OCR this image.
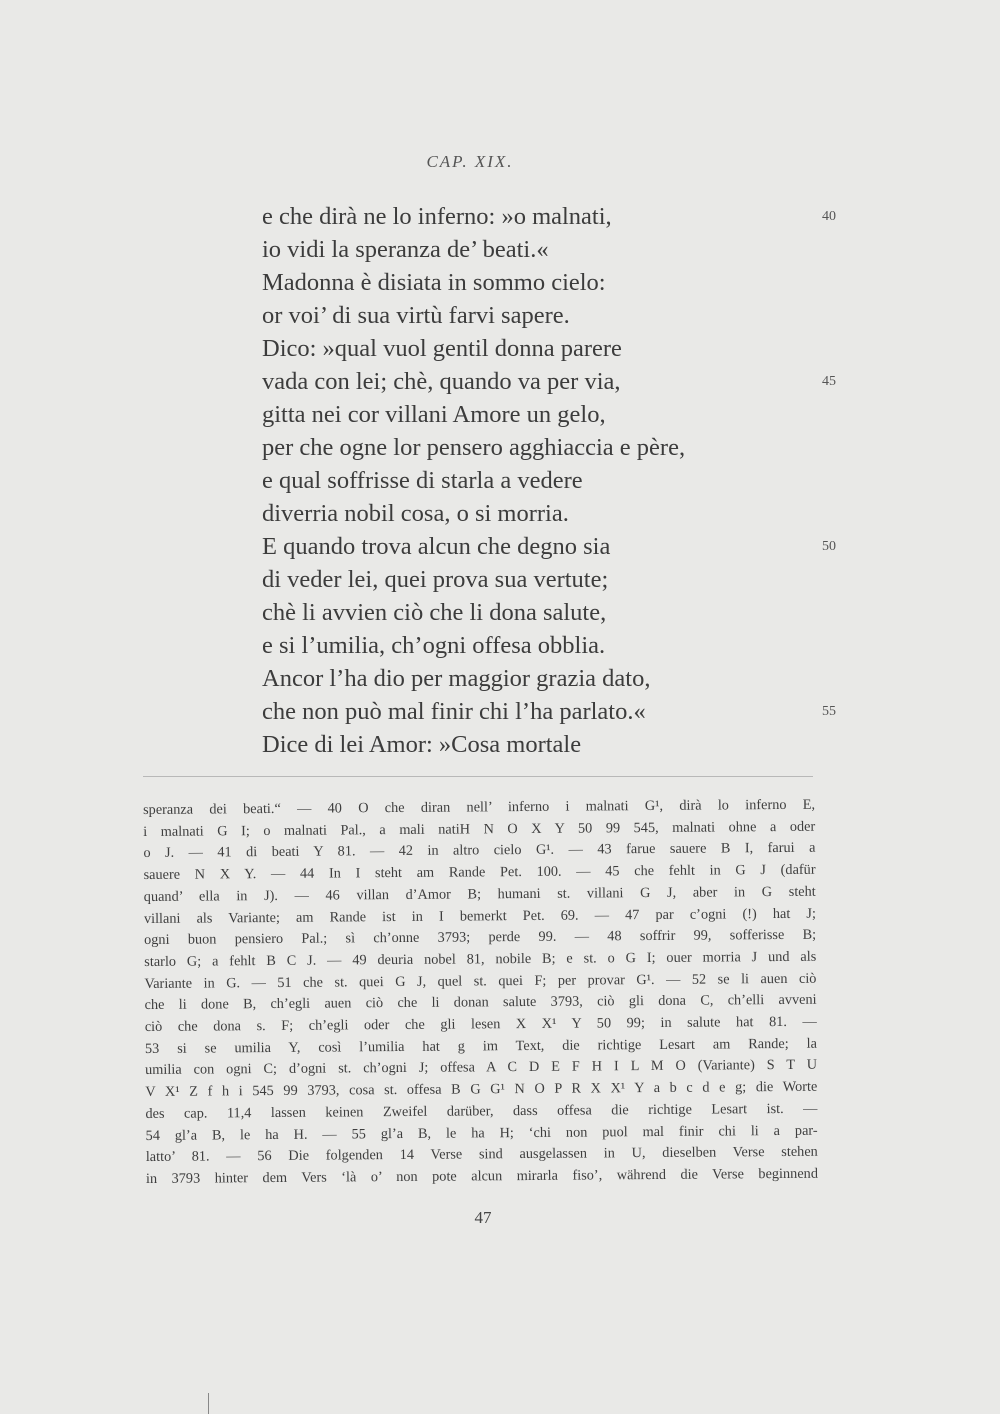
CAP. XIX.
e che dirà ne lo inferno: »o malnati,	40
io vidi la speranza de’ beati.«
Madonna è disiata in sommo cielo:
or voi’ di sua virtù farvi sapere.
Dico: »qual vuol gentil donna parere
vada con lei; chè, quando va per via,	45
gitta nei cor villani Amore un gelo,
per che ogne lor pensero agghiaccia e père,
e qual soffrisse di starla a vedere
diverria nobil cosa, o si morria.
E quando trova alcun che degno sia	50
di veder lei, quei prova sua vertute;
chè li avvien ciò che li dona salute,
e si l’umilia, ch’ogni offesa obblia.
Ancor l’ha dio per maggior grazia dato,
che non può mal finir chi l’ha parlato.«	55
Dice di lei Amor: »Cosa mortale
speranza dei beati.“ — 40 O che diran nell’ inferno i malnati G¹, dirà lo inferno E,
i malnati G I; o malnati Pal., a mali natiH N O X Y 50 99 545, malnati ohne a oder
o J. — 41 di beati Y 81. — 42 in altro cielo G¹. — 43 farue sauere B I, farui a
sauere N X Y. — 44 In I steht am Rande Pet. 100. — 45 che fehlt in G J (dafür
quand’ ella in J). — 46 villan d’Amor B; humani st. villani G J, aber in G steht
villani als Variante; am Rande ist in I bemerkt Pet. 69. — 47 par c’ogni (!) hat J;
ogni buon pensiero Pal.; sì ch’onne 3793; perde 99. — 48 soffrir 99, sofferisse B;
starlo G; a fehlt B C J. — 49 deuria nobel 81, nobile B; e st. o G I; ouer morria J und als
Variante in G. — 51 che st. quei G J, quel st. quei F; per provar G¹. — 52 se li auen ciò
che li done B, ch’egli auen ciò che li donan salute 3793, ciò gli dona C, ch’elli avveni
ciò che dona s. F; ch’egli oder che gli lesen X X¹ Y 50 99; in salute hat 81. —
53 si se umilia Y, così l’umilia hat g im Text, die richtige Lesart am Rande; la
umilia con ogni C; d’ogni st. ch’ogni J; offesa A C D E F H I L M O (Variante) S T U
V X¹ Z f h i 545 99 3793, cosa st. offesa B G G¹ N O P R X X¹ Y a b c d e g; die Worte
des cap. 11,4 lassen keinen Zweifel darüber, dass offesa die richtige Lesart ist. —
54 gl’a B, le ha H. — 55 gl’a B, le ha H; ‘chi non puol mal finir chi li a par-
latto’ 81. — 56 Die folgenden 14 Verse sind ausgelassen in U, dieselben Verse stehen
in 3793 hinter dem Vers ‘là o’ non pote alcun mirarla fiso’, während die Verse beginnend
47
